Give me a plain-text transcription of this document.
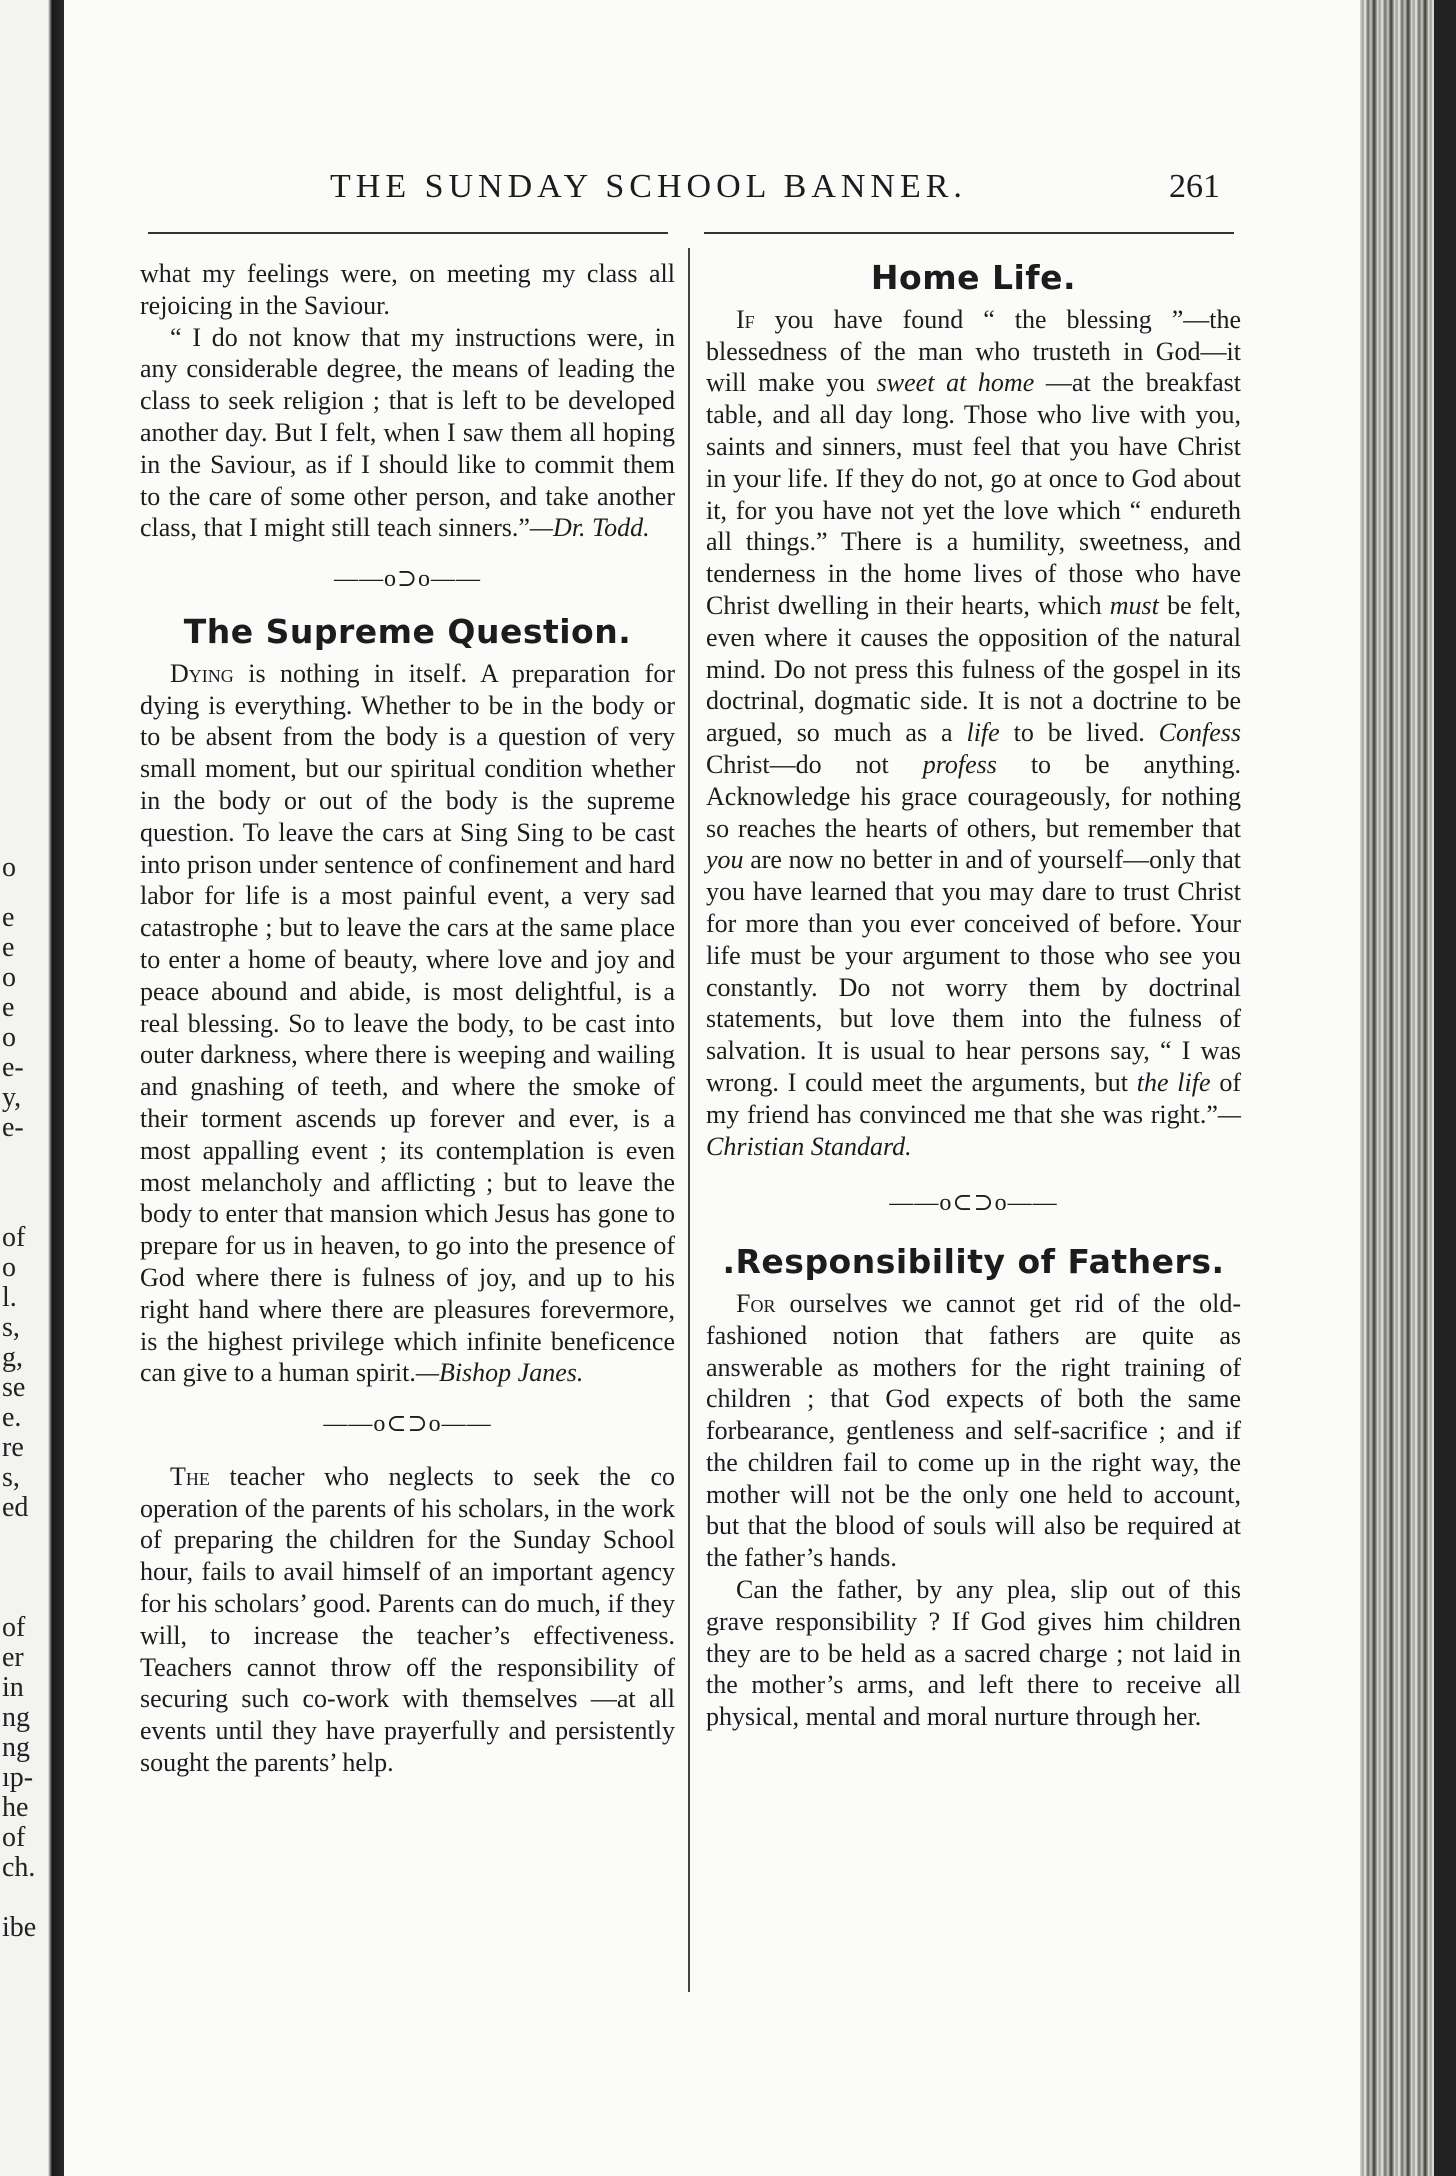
o
e
e
o
e
o
e-
y,
e-
of
o
l.
s,
g,
se
e.
re
s,
ed
of
er
in
ng
ng
ıp-
he
of
ch.
ibe
THE SUNDAY SCHOOL BANNER.	261

what my feelings were, on meeting my class all rejoicing in the Saviour.

“ I do not know that my instructions were, in any considerable degree, the means of leading the class to seek religion ; that is left to be developed another day. But I felt, when I saw them all hoping in the Saviour, as if I should like to commit them to the care of some other person, and take another class, that I might still teach sinners.”—Dr. Todd.

——o⊃o——
The Supreme Question.

Dying is nothing in itself. A preparation for dying is everything. Whether to be in the body or to be absent from the body is a question of very small moment, but our spiritual condition whether in the body or out of the body is the supreme question. To leave the cars at Sing Sing to be cast into prison under sentence of confinement and hard labor for life is a most painful event, a very sad catastrophe ; but to leave the cars at the same place to enter a home of beauty, where love and joy and peace abound and abide, is most delightful, is a real blessing. So to leave the body, to be cast into outer darkness, where there is weeping and wailing and gnashing of teeth, and where the smoke of their torment ascends up forever and ever, is a most appalling event ; its contemplation is even most melancholy and afflicting ; but to leave the body to enter that mansion which Jesus has gone to prepare for us in heaven, to go into the presence of God where there is fulness of joy, and up to his right hand where there are pleasures forevermore, is the highest privilege which infinite beneficence can give to a human spirit.—Bishop Janes.

——o⊂⊃o——

The teacher who neglects to seek the co operation of the parents of his scholars, in the work of preparing the children for the Sunday School hour, fails to avail himself of an important agency for his scholars’ good. Parents can do much, if they will, to increase the teacher’s effectiveness. Teachers cannot throw off the responsibility of securing such co-work with themselves —at all events until they have prayerfully and persistently sought the parents’ help.

Home Life.

If you have found “ the blessing ”—the blessedness of the man who trusteth in God—it will make you sweet at home —at the breakfast table, and all day long. Those who live with you, saints and sinners, must feel that you have Christ in your life. If they do not, go at once to God about it, for you have not yet the love which “ endureth all things.” There is a humility, sweetness, and tenderness in the home lives of those who have Christ dwelling in their hearts, which must be felt, even where it causes the opposition of the natural mind. Do not press this fulness of the gospel in its doctrinal, dogmatic side. It is not a doctrine to be argued, so much as a life to be lived. Confess Christ—do not profess to be anything. Acknowledge his grace courageously, for nothing so reaches the hearts of others, but remember that you are now no better in and of yourself—only that you have learned that you may dare to trust Christ for more than you ever conceived of before. Your life must be your argument to those who see you constantly. Do not worry them by doctrinal statements, but love them into the fulness of salvation. It is usual to hear persons say, “ I was wrong. I could meet the arguments, but the life of my friend has convinced me that she was right.”—Christian Standard.

——o⊂⊃o——
.Responsibility of Fathers.

For ourselves we cannot get rid of the old-fashioned notion that fathers are quite as answerable as mothers for the right training of children ; that God expects of both the same forbearance, gentleness and self-sacrifice ; and if the children fail to come up in the right way, the mother will not be the only one held to account, but that the blood of souls will also be required at the father’s hands.

Can the father, by any plea, slip out of this grave responsibility ? If God gives him children they are to be held as a sacred charge ; not laid in the mother’s arms, and left there to receive all physical, mental and moral nurture through her.
